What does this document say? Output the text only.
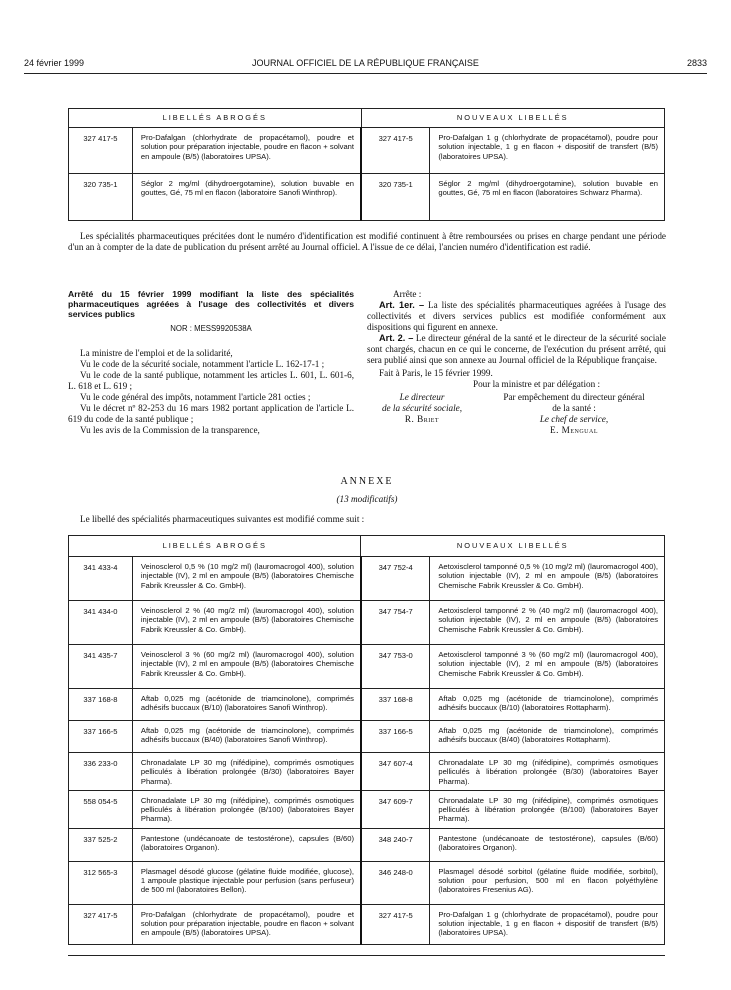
24 février 1999	JOURNAL OFFICIEL DE LA RÉPUBLIQUE FRANÇAISE	2833
LIBELLÉS ABROGÉS		NOUVEAUX LIBELLÉS	
327 417-5	Pro-Dafalgan (chlorhydrate de propacétamol), poudre et solution pour préparation injectable, poudre en flacon + solvant en ampoule (B/5) (laboratoires UPSA).	327 417-5	Pro-Dafalgan 1 g (chlorhydrate de propacétamol), poudre pour solution injectable, 1 g en flacon + dispositif de transfert (B/5) (laboratoires UPSA).
320 735-1	Séglor 2 mg/ml (dihydroergotamine), solution buvable en gouttes, Gé, 75 ml en flacon (laboratoire Sanofi Winthrop).	320 735-1	Séglor 2 mg/ml (dihydroergotamine), solution buvable en gouttes, Gé, 75 ml en flacon (laboratoires Schwarz Pharma).
Les spécialités pharmaceutiques précitées dont le numéro d'identification est modifié continuent à être remboursées ou prises en charge pendant une période d'un an à compter de la date de publication du présent arrêté au Journal officiel. A l'issue de ce délai, l'ancien numéro d'identification est radié.
Arrêté du 15 février 1999 modifiant la liste des spécialités pharmaceutiques agréées à l'usage des collectivités et divers services publics
NOR : MESS9920538A

La ministre de l'emploi et de la solidarité,

Vu le code de la sécurité sociale, notamment l'article L. 162-17-1 ;

Vu le code de la santé publique, notamment les articles L. 601, L. 601-6, L. 618 et L. 619 ;

Vu le code général des impôts, notamment l'article 281 octies ;

Vu le décret nº 82-253 du 16 mars 1982 portant application de l'article L. 619 du code de la santé publique ;

Vu les avis de la Commission de la transparence,

Arrête :

Art. 1er. – La liste des spécialités pharmaceutiques agréées à l'usage des collectivités et divers services publics est modifiée conformément aux dispositions qui figurent en annexe.

Art. 2. – Le directeur général de la santé et le directeur de la sécurité sociale sont chargés, chacun en ce qui le concerne, de l'exécution du présent arrêté, qui sera publié ainsi que son annexe au Journal officiel de la République française.

Fait à Paris, le 15 février 1999.

Pour la ministre et par délégation :

Le directeur
de la sécurité sociale,
R. Briet
Par empêchement du directeur général
de la santé :
Le chef de service,
E. Mengual
ANNEXE
(13 modificatifs)
Le libellé des spécialités pharmaceutiques suivantes est modifié comme suit :
LIBELLÉS ABROGÉS		NOUVEAUX LIBELLÉS	
341 433-4	Veinosclerol 0,5 % (10 mg/2 ml) (lauromacrogol 400), solution injectable (IV), 2 ml en ampoule (B/5) (laboratoires Chemische Fabrik Kreussler & Co. GmbH).	347 752-4	Aetoxisclerol tamponné 0,5 % (10 mg/2 ml) (lauromacrogol 400), solution injectable (IV), 2 ml en ampoule (B/5) (laboratoires Chemische Fabrik Kreussler & Co. GmbH).
341 434-0	Veinosclerol 2 % (40 mg/2 ml) (lauromacrogol 400), solution injectable (IV), 2 ml en ampoule (B/5) (laboratoires Chemische Fabrik Kreussler & Co. GmbH).	347 754-7	Aetoxisclerol tamponné 2 % (40 mg/2 ml) (lauromacrogol 400), solution injectable (IV), 2 ml en ampoule (B/5) (laboratoires Chemische Fabrik Kreussler & Co. GmbH).
341 435-7	Veinosclerol 3 % (60 mg/2 ml) (lauromacrogol 400), solution injectable (IV), 2 ml en ampoule (B/5) (laboratoires Chemische Fabrik Kreussler & Co. GmbH).	347 753-0	Aetoxisclerol tamponné 3 % (60 mg/2 ml) (lauromacrogol 400), solution injectable (IV), 2 ml en ampoule (B/5) (laboratoires Chemische Fabrik Kreussler & Co. GmbH).
337 168-8	Aftab 0,025 mg (acétonide de triamcinolone), comprimés adhésifs buccaux (B/10) (laboratoires Sanofi Winthrop).	337 168-8	Aftab 0,025 mg (acétonide de triamcinolone), comprimés adhésifs buccaux (B/10) (laboratoires Rottapharm).
337 166-5	Aftab 0,025 mg (acétonide de triamcinolone), comprimés adhésifs buccaux (B/40) (laboratoires Sanofi Winthrop).	337 166-5	Aftab 0,025 mg (acétonide de triamcinolone), comprimés adhésifs buccaux (B/40) (laboratoires Rottapharm).
336 233-0	Chronadalate LP 30 mg (nifédipine), comprimés osmotiques pelliculés à libération prolongée (B/30) (laboratoires Bayer Pharma).	347 607-4	Chronadalate LP 30 mg (nifédipine), comprimés osmotiques pelliculés à libération prolongée (B/30) (laboratoires Bayer Pharma).
558 054-5	Chronadalate LP 30 mg (nifédipine), comprimés osmotiques pelliculés à libération prolongée (B/100) (laboratoires Bayer Pharma).	347 609-7	Chronadalate LP 30 mg (nifédipine), comprimés osmotiques pelliculés à libération prolongée (B/100) (laboratoires Bayer Pharma).
337 525-2	Pantestone (undécanoate de testostérone), capsules (B/60) (laboratoires Organon).	348 240-7	Pantestone (undécanoate de testostérone), capsules (B/60) (laboratoires Organon).
312 565-3	Plasmagel désodé glucose (gélatine fluide modifiée, glucose), 1 ampoule plastique injectable pour perfusion (sans perfuseur) de 500 ml (laboratoires Bellon).	346 248-0	Plasmagel désodé sorbitol (gélatine fluide modifiée, sorbitol), solution pour perfusion, 500 ml en flacon polyéthylène (laboratoires Fresenius AG).
327 417-5	Pro-Dafalgan (chlorhydrate de propacétamol), poudre et solution pour préparation injectable, poudre en flacon + solvant en ampoule (B/5) (laboratoires UPSA).	327 417-5	Pro-Dafalgan 1 g (chlorhydrate de propacétamol), poudre pour solution injectable, 1 g en flacon + dispositif de transfert (B/5) (laboratoires UPSA).
